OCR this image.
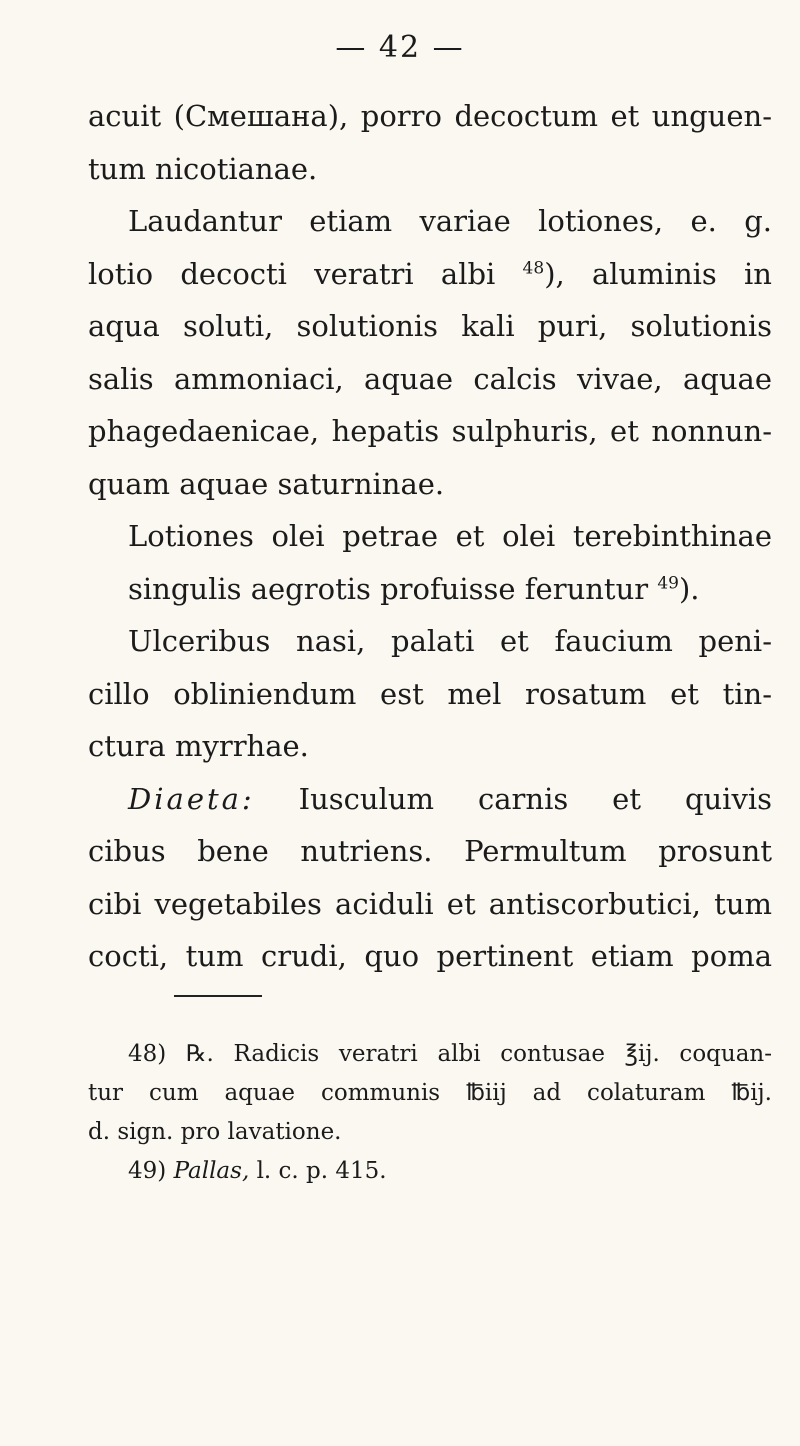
— 42 —
acuit (Смешана), porro decoctum et unguen-
tum nicotianae.
Laudantur etiam variae lotiones, e. g.
lotio decocti veratri albi $^{48}$), aluminis in
aqua soluti, solutionis kali puri, solutionis
salis ammoniaci, aquae calcis vivae, aquae
phagedaenicae, hepatis sulphuris, et nonnun-
quam aquae saturninae.
Lotiones olei petrae et olei terebinthinae
singulis aegrotis profuisse feruntur $^{49}$).
Ulceribus nasi, palati et faucium peni-
cillo obliniendum est mel rosatum et tin-
ctura myrrhae.
Diaeta: Iusculum carnis et quivis
cibus bene nutriens. Permultum prosunt
cibi vegetabiles aciduli et antiscorbutici, tum
cocti, tum crudi, quo pertinent etiam poma
48) ℞. Radicis veratri albi contusae ℥ij. coquan-
tur cum aquae communis ℔iij ad colaturam ℔ij.
d. sign. pro lavatione.
49) Pallas, l. c. p. 415.
